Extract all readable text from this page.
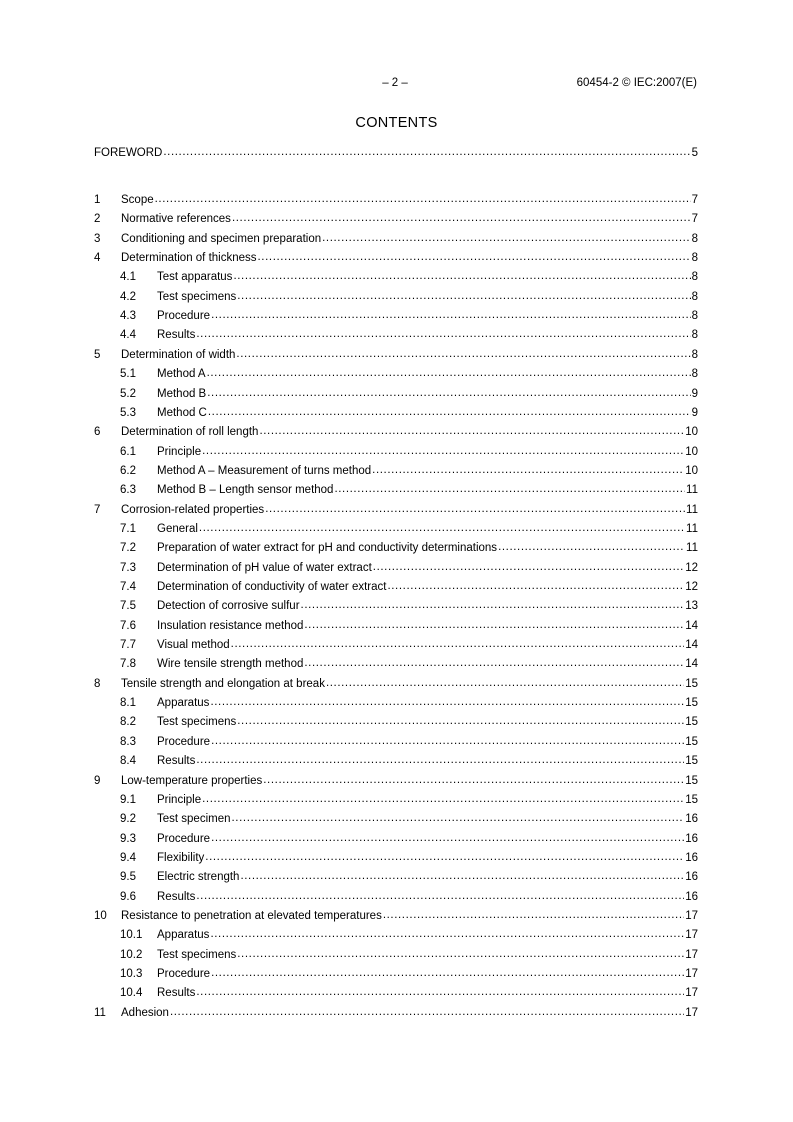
– 2 –	60454-2 © IEC:2007(E)
CONTENTS
FOREWORD .....	5
1	Scope .....	7
2	Normative references .....	7
3	Conditioning and specimen preparation .....	8
4	Determination of thickness .....	8
4.1	Test apparatus .....	8
4.2	Test specimens .....	8
4.3	Procedure .....	8
4.4	Results .....	8
5	Determination of width .....	8
5.1	Method A .....	8
5.2	Method B .....	9
5.3	Method C .....	9
6	Determination of roll length .....	10
6.1	Principle .....	10
6.2	Method A – Measurement of turns method .....	10
6.3	Method B – Length sensor method .....	11
7	Corrosion-related properties .....	11
7.1	General .....	11
7.2	Preparation of water extract for pH and conductivity determinations .....	11
7.3	Determination of pH value of water extract .....	12
7.4	Determination of conductivity of water extract .....	12
7.5	Detection of corrosive sulfur .....	13
7.6	Insulation resistance method .....	14
7.7	Visual method .....	14
7.8	Wire tensile strength method .....	14
8	Tensile strength and elongation at break .....	15
8.1	Apparatus .....	15
8.2	Test specimens .....	15
8.3	Procedure .....	15
8.4	Results .....	15
9	Low-temperature properties .....	15
9.1	Principle .....	15
9.2	Test specimen .....	16
9.3	Procedure .....	16
9.4	Flexibility .....	16
9.5	Electric strength .....	16
9.6	Results .....	16
10	Resistance to penetration at elevated temperatures .....	17
10.1	Apparatus .....	17
10.2	Test specimens .....	17
10.3	Procedure .....	17
10.4	Results .....	17
11	Adhesion .....	17
